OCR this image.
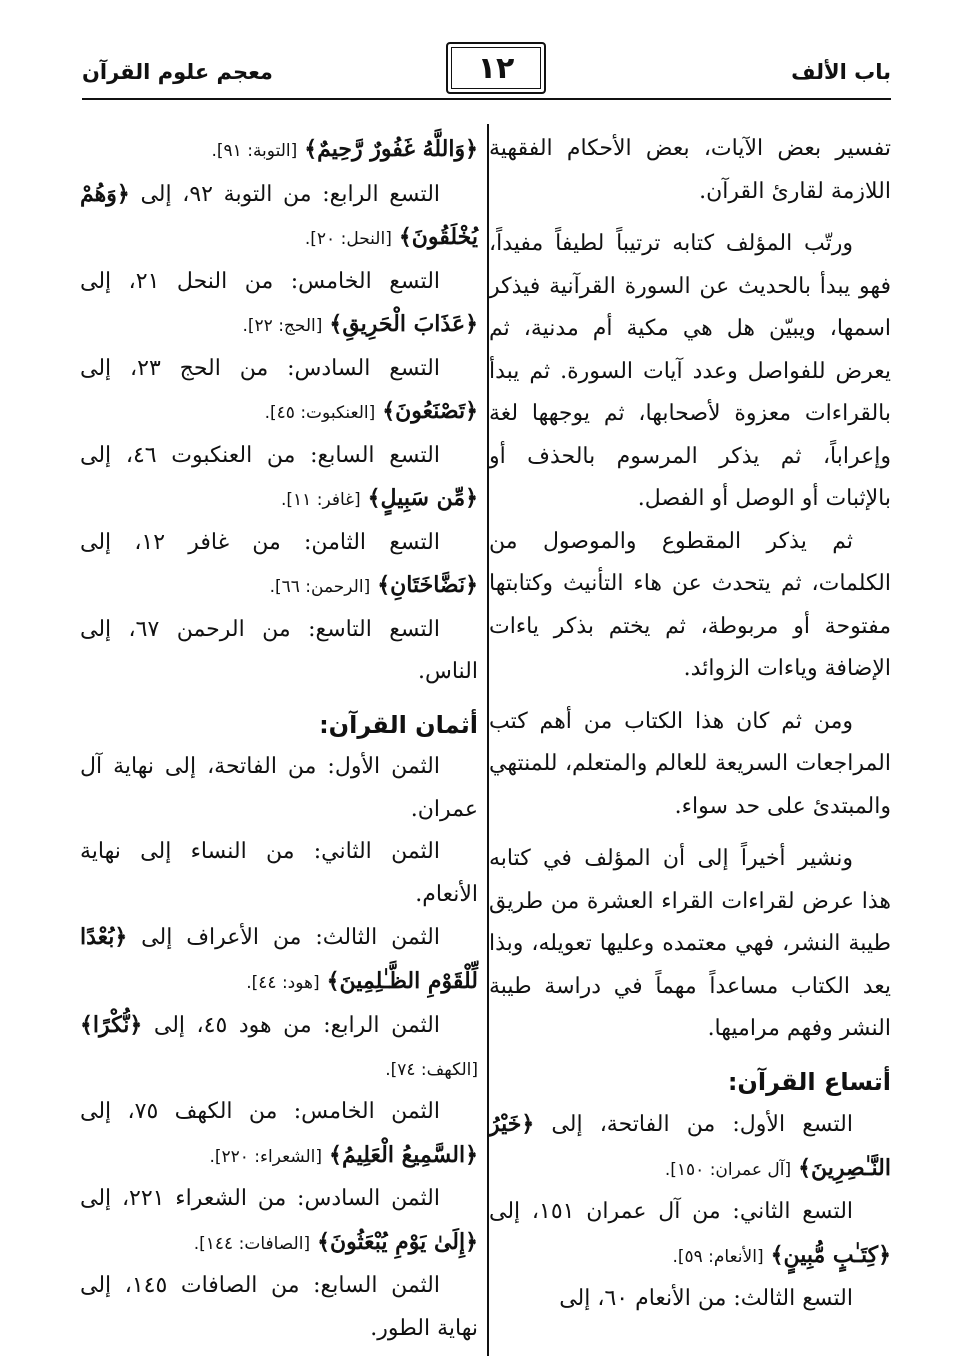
باب الألف
١٢
معجم علوم القرآن

تفسير بعض الآيات، بعض الأحكام الفقهية اللازمة لقارئ القرآن.

ورتّب المؤلف كتابه ترتيباً لطيفاً مفيداً، فهو يبدأ بالحديث عن السورة القرآنية فيذكر اسمها، ويبيّن هل هي مكية أم مدنية، ثم يعرض للفواصل وعدد آيات السورة. ثم يبدأ بالقراءات معزوة لأصحابها، ثم يوجهها لغة وإعراباً، ثم يذكر المرسوم بالحذف أو بالإثبات أو الوصل أو الفصل.

ثم يذكر المقطوع والموصول من الكلمات، ثم يتحدث عن هاء التأنيث وكتابتها مفتوحة أو مربوطة، ثم يختم بذكر ياءات الإضافة وياءات الزوائد.

ومن ثم كان هذا الكتاب من أهم كتب المراجعات السريعة للعالم والمتعلم، للمنتهي والمبتدئ على حد سواء.

ونشير أخيراً إلى أن المؤلف في كتابه هذا عرض لقراءات القراء العشرة من طريق طيبة النشر، فهي معتمده وعليها تعويله، وبذا يعد الكتاب مساعداً مهماً في دراسة طيبة النشر وفهم مراميها.

أتساع القرآن:

التسع الأول: من الفاتحة، إلى ﴿خَيْرُ النَّـٰصِرِينَ﴾ [آل عمران: ١٥٠].

التسع الثاني: من آل عمران ١٥١، إلى ﴿كِتَـٰبٍ مُّبِينٍ﴾ [الأنعام: ٥٩].

التسع الثالث: من الأنعام ٦٠، إلى

﴿وَاللَّهُ غَفُورٌ رَّحِيمٌ﴾ [التوبة: ٩١].

التسع الرابع: من التوبة ٩٢، إلى ﴿وَهُمْ يُخْلَقُونَ﴾ [النحل: ٢٠].

التسع الخامس: من النحل ٢١، إلى ﴿عَذَابَ الْحَرِيقِ﴾ [الحج: ٢٢].

التسع السادس: من الحج ٢٣، إلى ﴿تَصْنَعُونَ﴾ [العنكبوت: ٤٥].

التسع السابع: من العنكبوت ٤٦، إلى ﴿مِّن سَبِيلٍ﴾ [غافر: ١١].

التسع الثامن: من غافر ١٢، إلى ﴿نَضَّاخَتَانِ﴾ [الرحمن: ٦٦].

التسع التاسع: من الرحمن ٦٧، إلى الناس.

أثمان القرآن:

الثمن الأول: من الفاتحة، إلى نهاية آل عمران.

الثمن الثاني: من النساء إلى نهاية الأنعام.

الثمن الثالث: من الأعراف إلى ﴿بُعْدًا لِّلْقَوْمِ الظَّـٰلِمِينَ﴾ [هود: ٤٤].

الثمن الرابع: من هود ٤٥، إلى ﴿نُّكْرًا﴾ [الكهف: ٧٤].

الثمن الخامس: من الكهف ٧٥، إلى ﴿السَّمِيعُ الْعَلِيمُ﴾ [الشعراء: ٢٢٠].

الثمن السادس: من الشعراء ٢٢١، إلى ﴿إِلَىٰ يَوْمِ يُبْعَثُونَ﴾ [الصافات: ١٤٤].

الثمن السابع: من الصافات ١٤٥، إلى نهاية الطور.
